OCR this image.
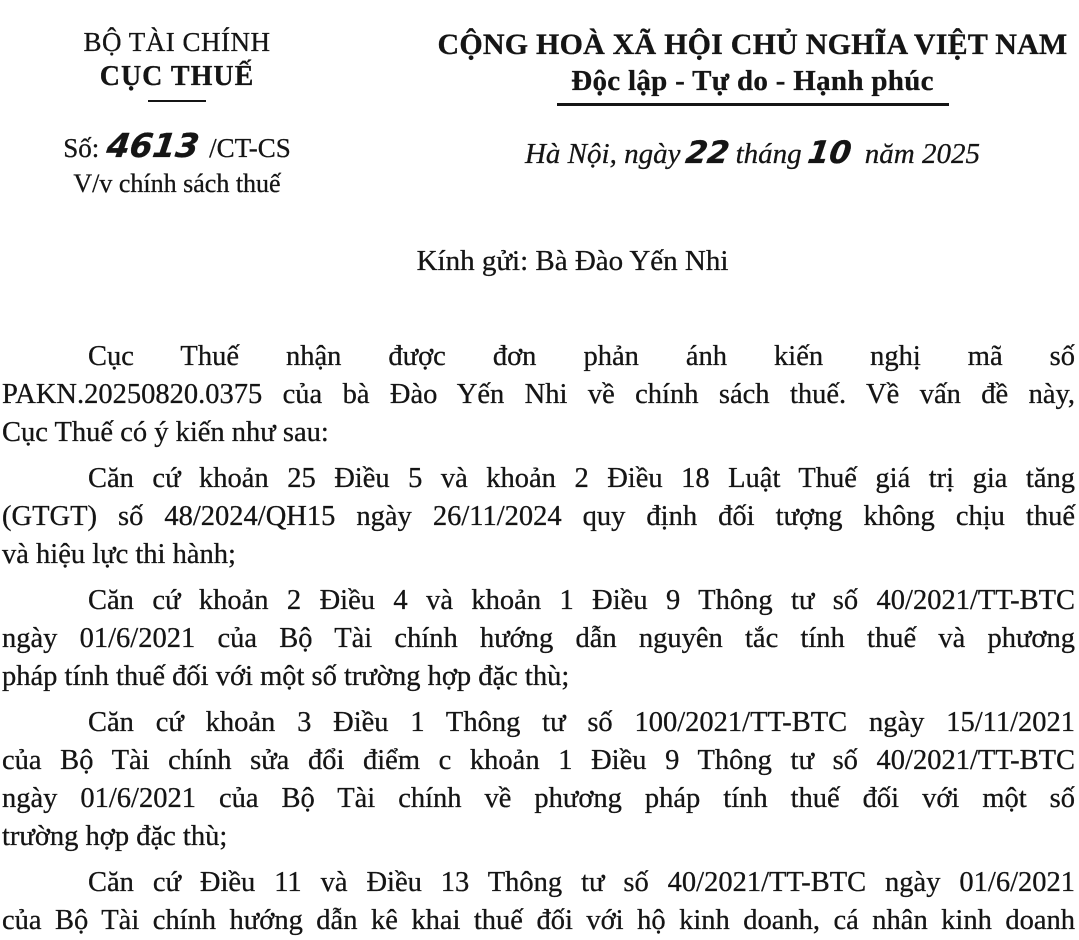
BỘ TÀI CHÍNH
CỤC THUẾ
Số: 4613 /CT-CS
V/v chính sách thuế
CỘNG HOÀ XÃ HỘI CHỦ NGHĨA VIỆT NAM
Độc lập - Tự do - Hạnh phúc
Hà Nội, ngày 22 tháng 10 năm 2025
Kính gửi: Bà Đào Yến Nhi
Cục Thuế nhận được đơn phản ánh kiến nghị mã số
PAKN.20250820.0375 của bà Đào Yến Nhi về chính sách thuế. Về vấn đề này,
Cục Thuế có ý kiến như sau:
Căn cứ khoản 25 Điều 5 và khoản 2 Điều 18 Luật Thuế giá trị gia tăng
(GTGT) số 48/2024/QH15 ngày 26/11/2024 quy định đối tượng không chịu thuế
và hiệu lực thi hành;
Căn cứ khoản 2 Điều 4 và khoản 1 Điều 9 Thông tư số 40/2021/TT-BTC
ngày 01/6/2021 của Bộ Tài chính hướng dẫn nguyên tắc tính thuế và phương
pháp tính thuế đối với một số trường hợp đặc thù;
Căn cứ khoản 3 Điều 1 Thông tư số 100/2021/TT-BTC ngày 15/11/2021
của Bộ Tài chính sửa đổi điểm c khoản 1 Điều 9 Thông tư số 40/2021/TT-BTC
ngày 01/6/2021 của Bộ Tài chính về phương pháp tính thuế đối với một số
trường hợp đặc thù;
Căn cứ Điều 11 và Điều 13 Thông tư số 40/2021/TT-BTC ngày 01/6/2021
của Bộ Tài chính hướng dẫn kê khai thuế đối với hộ kinh doanh, cá nhân kinh doanh
